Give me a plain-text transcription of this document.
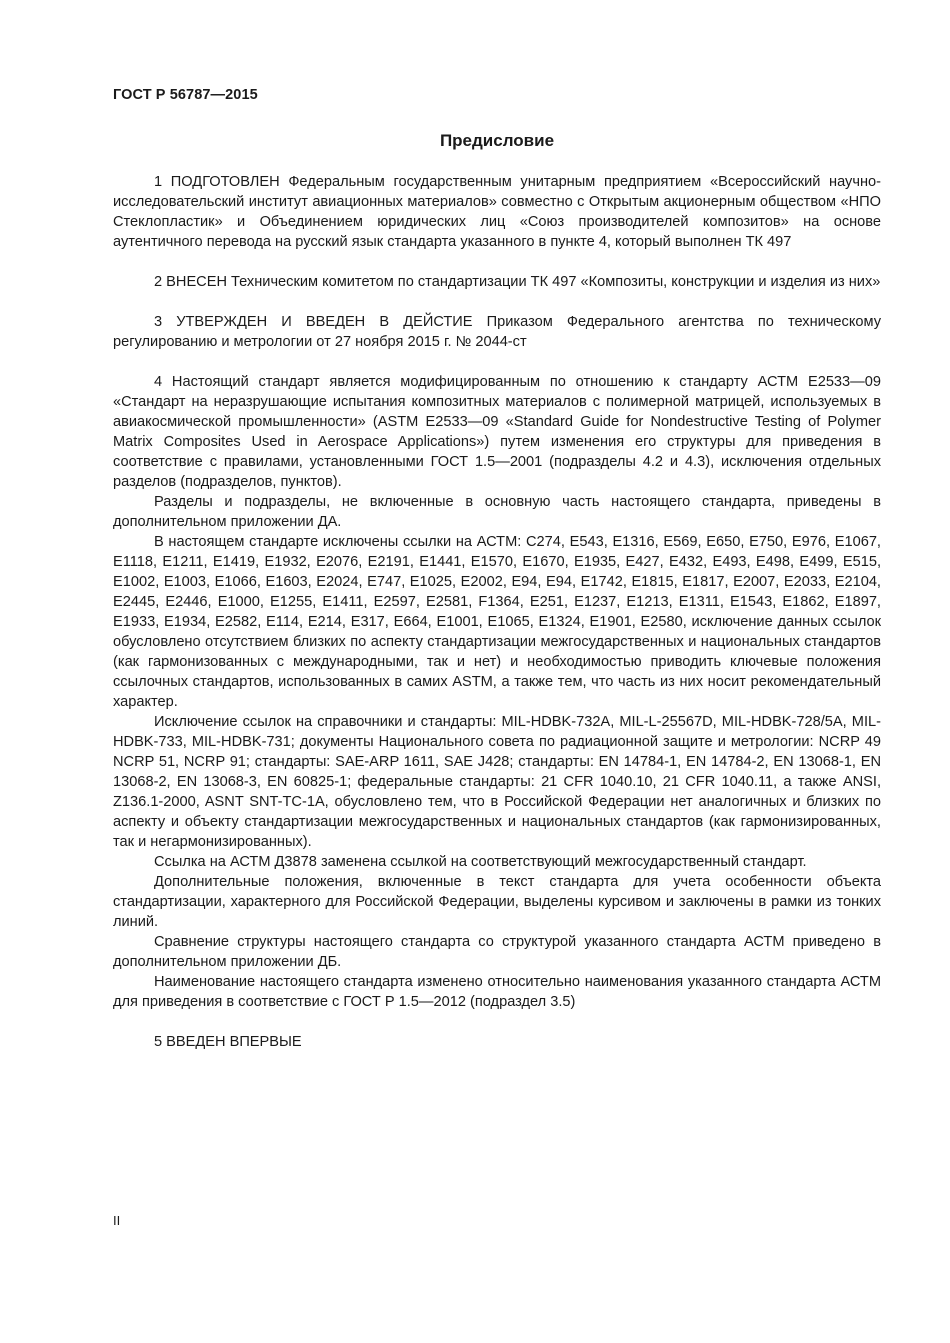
ГОСТ Р 56787—2015
Предисловие

1 ПОДГОТОВЛЕН Федеральным государственным унитарным предприятием «Всероссийский научно-исследовательский институт авиационных материалов» совместно с Открытым акционерным обществом «НПО Стеклопластик» и Объединением юридических лиц «Союз производителей композитов» на основе аутентичного перевода на русский язык стандарта указанного в пункте 4, который выполнен ТК 497

2 ВНЕСЕН Техническим комитетом по стандартизации ТК 497 «Композиты, конструкции и изделия из них»

3 УТВЕРЖДЕН И ВВЕДЕН В ДЕЙСТИЕ Приказом Федерального агентства по техническому регулированию и метрологии от 27 ноября 2015 г. № 2044-ст

4 Настоящий стандарт является модифицированным по отношению к стандарту АСТМ Е2533—09 «Стандарт на неразрушающие испытания композитных материалов с полимерной матрицей, используемых в авиакосмической промышленности» (ASTM E2533—09 «Standard Guide for Nondestructive Testing of Polymer Matrix Composites Used in Aerospace Applications») путем изменения его структуры для приведения в соответствие с правилами, установленными ГОСТ 1.5—2001 (подразделы 4.2 и 4.3), исключения отдельных разделов (подразделов, пунктов).

Разделы и подразделы, не включенные в основную часть настоящего стандарта, приведены в дополнительном приложении ДА.

В настоящем стандарте исключены ссылки на АСТМ: С274, Е543, Е1316, Е569, Е650, Е750, Е976, Е1067, Е1118, Е1211, Е1419, Е1932, Е2076, Е2191, Е1441, Е1570, Е1670, Е1935, Е427, Е432, Е493, Е498, Е499, Е515, Е1002, Е1003, Е1066, Е1603, Е2024, Е747, Е1025, Е2002, Е94, Е94, Е1742, Е1815, Е1817, Е2007, Е2033, Е2104, Е2445, Е2446, Е1000, Е1255, Е1411, Е2597, Е2581, F1364, Е251, Е1237, Е1213, Е1311, Е1543, Е1862, Е1897, Е1933, Е1934, Е2582, Е114, Е214, Е317, Е664, Е1001, Е1065, Е1324, Е1901, Е2580, исключение данных ссылок обусловлено отсутствием близких по аспекту стандартизации межгосударственных и национальных стандартов (как гармонизованных с международными, так и нет) и необходимостью приводить ключевые положения ссылочных стандартов, использованных в самих ASTM, а также тем, что часть из них носит рекомендательный характер.

Исключение ссылок на справочники и стандарты: MIL-HDBK-732A, MIL-L-25567D, MIL-HDBK-728/5A, MIL-HDBK-733, MIL-HDBK-731; документы Национального совета по радиационной защите и метрологии: NCRP 49 NCRP 51, NCRP 91; стандарты: SAE-ARP 1611, SAE J428; стандарты: EN 14784-1, EN 14784-2, EN 13068-1, EN 13068-2, EN 13068-3, EN 60825-1; федеральные стандарты: 21 CFR 1040.10, 21 CFR 1040.11, а также ANSI, Z136.1-2000, ASNT SNT-TC-1A, обусловлено тем, что в Российской Федерации нет аналогичных и близких по аспекту и объекту стандартизации межгосударственных и национальных стандартов (как гармонизированных, так и негармонизированных).

Ссылка на АСТМ Д3878 заменена ссылкой на соответствующий межгосударственный стандарт.

Дополнительные положения, включенные в текст стандарта для учета особенности объекта стандартизации, характерного для Российской Федерации, выделены курсивом и заключены в рамки из тонких линий.

Сравнение структуры настоящего стандарта со структурой указанного стандарта АСТМ приведено в дополнительном приложении ДБ.

Наименование настоящего стандарта изменено относительно наименования указанного стандарта АСТМ для приведения в соответствие с ГОСТ Р 1.5—2012 (подраздел 3.5)

5 ВВЕДЕН ВПЕРВЫЕ

II
